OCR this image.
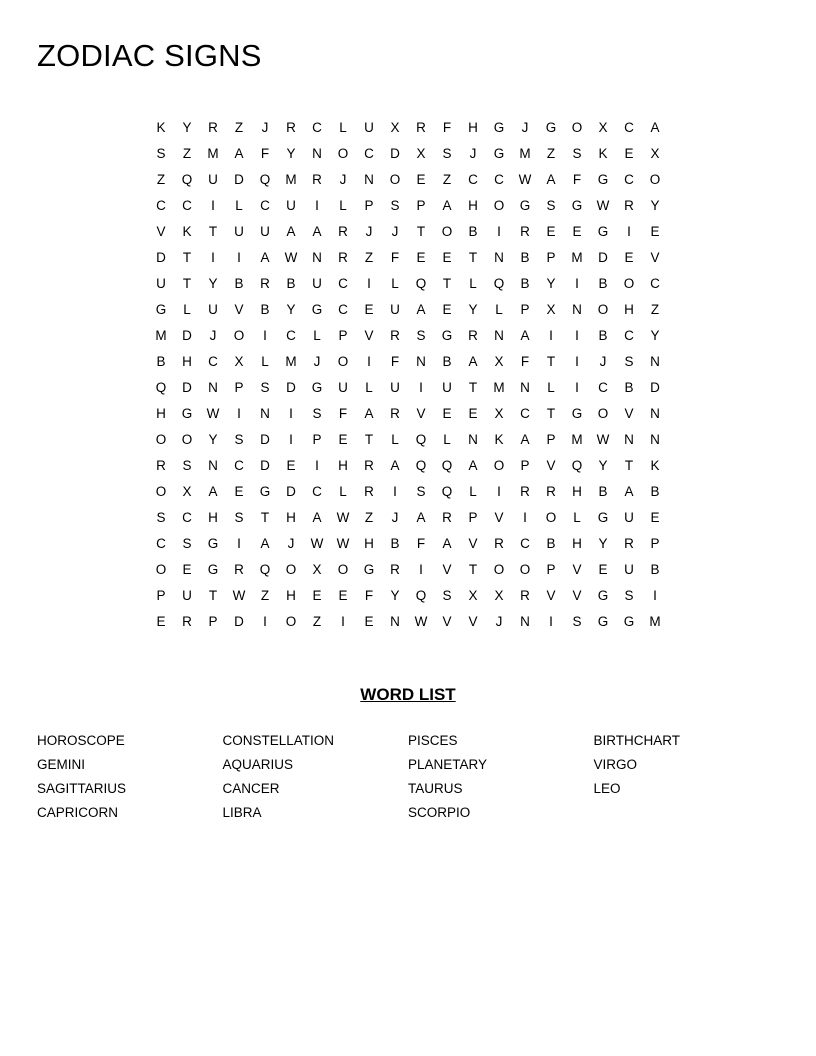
ZODIAC SIGNS
K	Y	R	Z	J	R	C	L	U	X	R	F	H	G	J	G	O	X	C	A
S	Z	M	A	F	Y	N	O	C	D	X	S	J	G	M	Z	S	K	E	X
Z	Q	U	D	Q	M	R	J	N	O	E	Z	C	C	W	A	F	G	C	O
C	C	I	L	C	U	I	L	P	S	P	A	H	O	G	S	G	W	R	Y
V	K	T	U	U	A	A	R	J	J	T	O	B	I	R	E	E	G	I	E
D	T	I	I	A	W	N	R	Z	F	E	E	T	N	B	P	M	D	E	V
U	T	Y	B	R	B	U	C	I	L	Q	T	L	Q	B	Y	I	B	O	C
G	L	U	V	B	Y	G	C	E	U	A	E	Y	L	P	X	N	O	H	Z
M	D	J	O	I	C	L	P	V	R	S	G	R	N	A	I	I	B	C	Y
B	H	C	X	L	M	J	O	I	F	N	B	A	X	F	T	I	J	S	N
Q	D	N	P	S	D	G	U	L	U	I	U	T	M	N	L	I	C	B	D
H	G	W	I	N	I	S	F	A	R	V	E	E	X	C	T	G	O	V	N
O	O	Y	S	D	I	P	E	T	L	Q	L	N	K	A	P	M	W	N	N
R	S	N	C	D	E	I	H	R	A	Q	Q	A	O	P	V	Q	Y	T	K
O	X	A	E	G	D	C	L	R	I	S	Q	L	I	R	R	H	B	A	B
S	C	H	S	T	H	A	W	Z	J	A	R	P	V	I	O	L	G	U	E
C	S	G	I	A	J	W W	H	B	F	A	V	R	C	B	H	Y	R	P
O	E	G	R	Q	O	X	O	G	R	I	V	T	O	O	P	V	E	U	B
P	U	T	W	Z	H	E	E	F	Y	Q	S	X	X	R	V	V	G	S	I
E	R	P	D	I	O	Z	I	E	N	W	V	V	J	N	I	S	G	G	M
WORD LIST
HOROSCOPE	CONSTELLATION	PISCES	BIRTHCHART
GEMINI	AQUARIUS	PLANETARY	VIRGO
SAGITTARIUS	CANCER	TAURUS	LEO
CAPRICORN	LIBRA	SCORPIO
